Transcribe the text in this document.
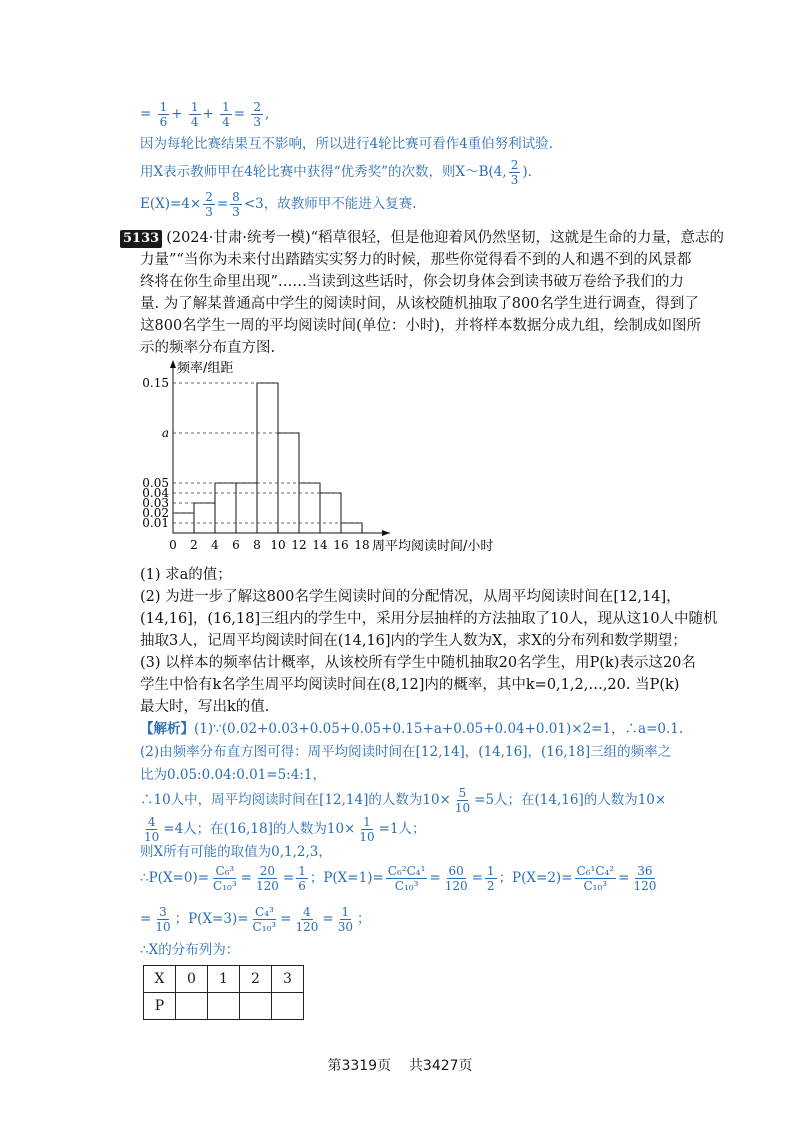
= $\frac{1}{6} + \frac{1}{4} + \frac{1}{4} = \frac{2}{3}$ ,
因为每轮比赛结果互不影响，所以进行4轮比赛可看作4重伯努利试验.
用X表示教师甲在4轮比赛中获得“优秀奖”的次数，则X～B(4, $\frac{2}{3}$ ).
$E(X)=4\times \frac{2}{3} = \frac{8}{3} <3$，故教师甲不能进入复赛.
5133 (2024·甘肃·统考一模)“稻草很轻，但是他迎着风仍然坚韧，这就是生命的力量，意志的
力量”“当你为未来付出踏踏实实努力的时候，那些你觉得看不到的人和遇不到的风景都
终将在你生命里出现”……当读到这些话时，你会切身体会到读书破万卷给予我们的力
量. 为了解某普通高中学生的阅读时间，从该校随机抽取了800名学生进行调查，得到了
这800名学生一周的平均阅读时间(单位：小时)，并将样本数据分成九组，绘制成如图所
示的频率分布直方图.
0.01
0.02
0.03
0.04
0.05
a
0.15
0 2 4 6 8 10 12 14 16 18
频率/组距
周平均阅读时间/小时
(1) 求a的值；
(2) 为进一步了解这800名学生阅读时间的分配情况，从周平均阅读时间在[12,14]，
(14,16]，(16,18]三组内的学生中，采用分层抽样的方法抽取了10人，现从这10人中随机
抽取3人，记周平均阅读时间在(14,16]内的学生人数为X，求X的分布列和数学期望；
(3) 以样本的频率估计概率，从该校所有学生中随机抽取20名学生，用P(k)表示这20名
学生中恰有k名学生周平均阅读时间在(8,12]内的概率，其中k=0,1,2,…,20. 当P(k)
最大时，写出k的值.
【解析】(1)∵(0.02+0.03+0.05+0.05+0.15+a+0.05+0.04+0.01)×2=1，∴a=0.1.
(2)由频率分布直方图可得：周平均阅读时间在[12,14]，(14,16]，(16,18]三组的频率之
比为0.05:0.04:0.01=5:4:1，
∴10人中，周平均阅读时间在[12,14]的人数为$10\times \frac{5}{10} =5$人；在(14,16]的人数为10×
$\frac{4}{10} =4$人；在(16,18]的人数为$10\times \frac{1}{10} =1$人；
则X所有可能的取值为0,1,2,3，
∴P(X=0)= $\frac{\text{C₆³}}{\text{C₁₀³}} = \frac{20}{120} = \frac{1}{6}$ ；$P(X=1)= \frac{\text{C₆²C₄¹}}{\text{C₁₀³}} = \frac{60}{120} = \frac{1}{2}$ ；$P(X=2)= \frac{\text{C₆¹C₄²}}{\text{C₁₀³}} = \frac{36}{120}$
= $\frac{3}{10}$ ；$P(X=3)= \frac{\text{C₄³}}{\text{C₁₀³}} = \frac{4}{120} = \frac{1}{30}$ ；
∴X的分布列为：
X	0	1	2	3
P				
第3319页 共3427页
